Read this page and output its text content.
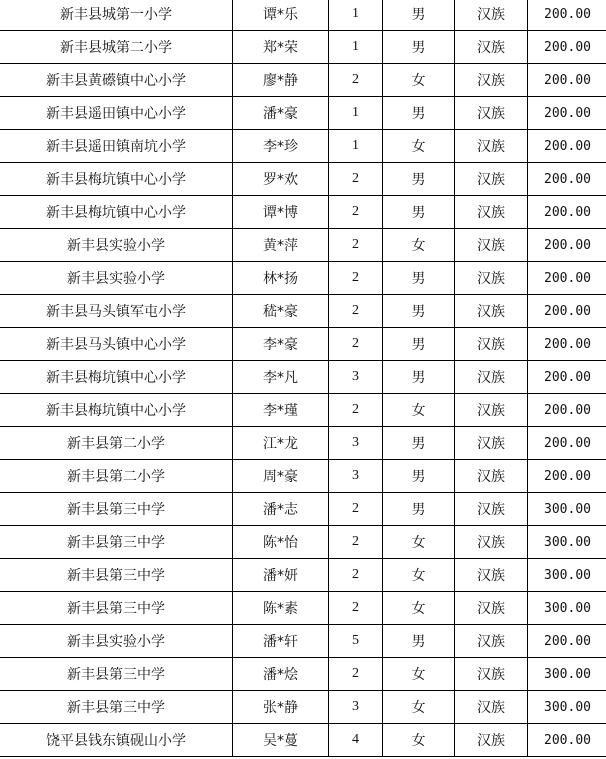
新丰县城第一小学	谭*乐	1	男	汉族	200.00
新丰县城第二小学	郑*荣	1	男	汉族	200.00
新丰县黄礤镇中心小学	廖*静	2	女	汉族	200.00
新丰县遥田镇中心小学	潘*豪	1	男	汉族	200.00
新丰县遥田镇南坑小学	李*珍	1	女	汉族	200.00
新丰县梅坑镇中心小学	罗*欢	2	男	汉族	200.00
新丰县梅坑镇中心小学	谭*博	2	男	汉族	200.00
新丰县实验小学	黄*萍	2	女	汉族	200.00
新丰县实验小学	林*扬	2	男	汉族	200.00
新丰县马头镇军屯小学	嵇*豪	2	男	汉族	200.00
新丰县马头镇中心小学	李*豪	2	男	汉族	200.00
新丰县梅坑镇中心小学	李*凡	3	男	汉族	200.00
新丰县梅坑镇中心小学	李*瑾	2	女	汉族	200.00
新丰县第二小学	江*龙	3	男	汉族	200.00
新丰县第二小学	周*豪	3	男	汉族	200.00
新丰县第三中学	潘*志	2	男	汉族	300.00
新丰县第三中学	陈*怡	2	女	汉族	300.00
新丰县第三中学	潘*妍	2	女	汉族	300.00
新丰县第三中学	陈*素	2	女	汉族	300.00
新丰县实验小学	潘*轩	5	男	汉族	200.00
新丰县第三中学	潘*烩	2	女	汉族	300.00
新丰县第三中学	张*静	3	女	汉族	300.00
饶平县钱东镇砚山小学	吴*蔓	4	女	汉族	200.00
